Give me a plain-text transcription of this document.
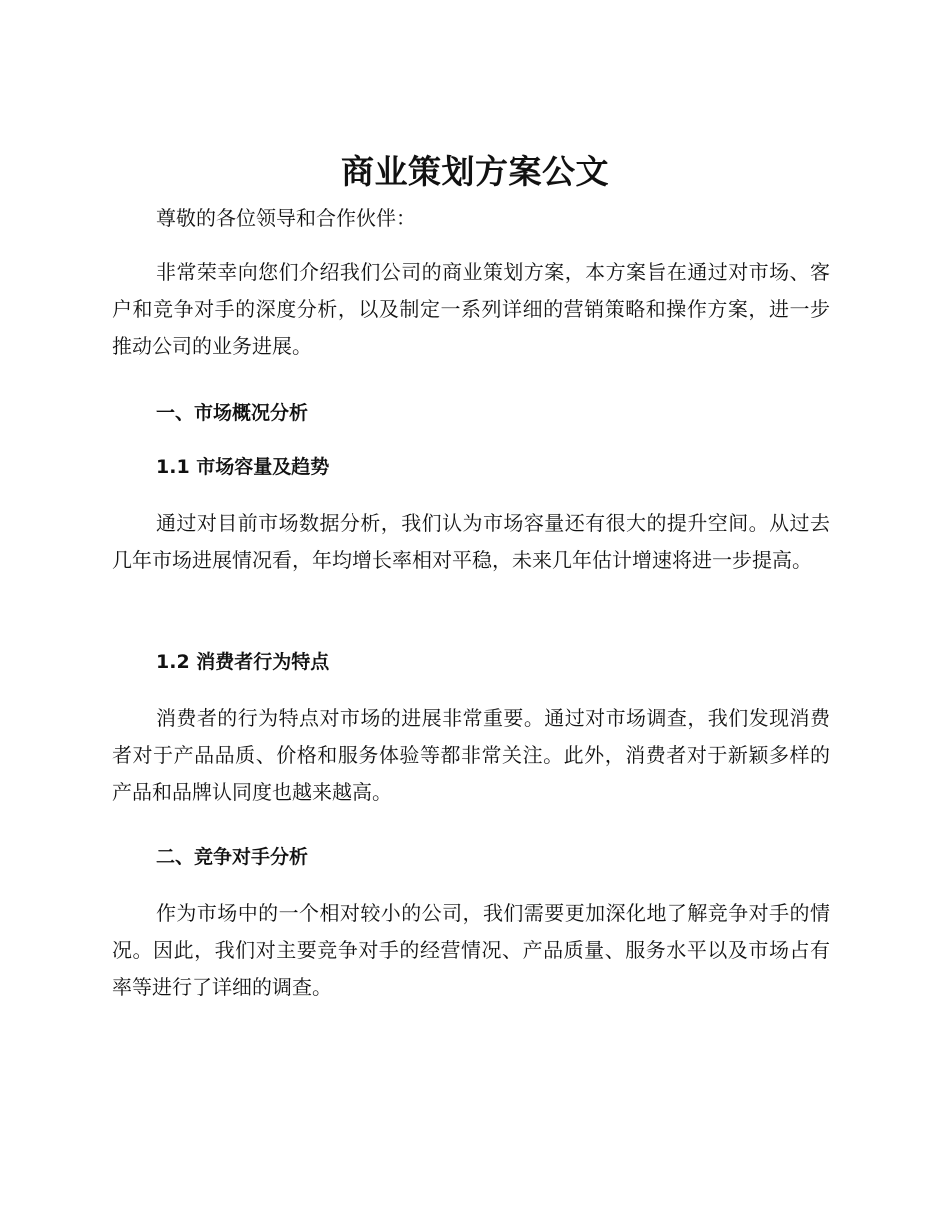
商业策划方案公文

尊敬的各位领导和合作伙伴：

非常荣幸向您们介绍我们公司的商业策划方案，本方案旨在通过对市场、客户和竞争对手的深度分析，以及制定一系列详细的营销策略和操作方案，进一步推动公司的业务进展。

一、市场概况分析
1.1 市场容量及趋势

通过对目前市场数据分析，我们认为市场容量还有很大的提升空间。从过去几年市场进展情况看，年均增长率相对平稳，未来几年估计增速将进一步提高。

1.2 消费者行为特点

消费者的行为特点对市场的进展非常重要。通过对市场调查，我们发现消费者对于产品品质、价格和服务体验等都非常关注。此外，消费者对于新颖多样的产品和品牌认同度也越来越高。

二、竞争对手分析

作为市场中的一个相对较小的公司，我们需要更加深化地了解竞争对手的情况。因此，我们对主要竞争对手的经营情况、产品质量、服务水平以及市场占有率等进行了详细的调查。
